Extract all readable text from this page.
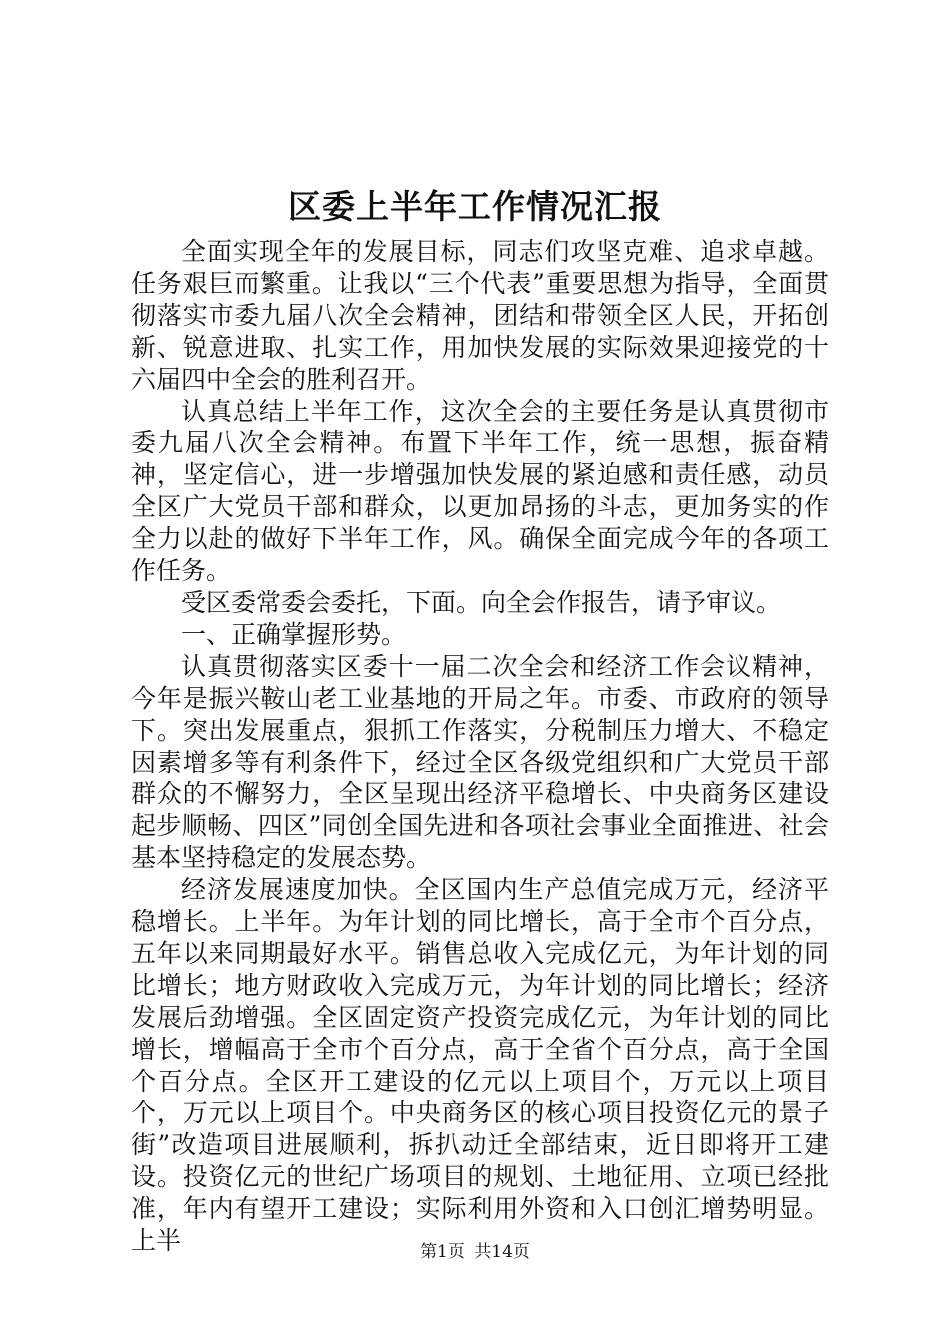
区委上半年工作情况汇报

全面实现全年的发展目标，同志们攻坚克难、追求卓越。任务艰巨而繁重。让我以“三个代表”重要思想为指导，全面贯彻落实市委九届八次全会精神，团结和带领全区人民，开拓创新、锐意进取、扎实工作，用加快发展的实际效果迎接党的十六届四中全会的胜利召开。

认真总结上半年工作，这次全会的主要任务是认真贯彻市委九届八次全会精神。布置下半年工作，统一思想，振奋精神，坚定信心，进一步增强加快发展的紧迫感和责任感，动员全区广大党员干部和群众，以更加昂扬的斗志，更加务实的作全力以赴的做好下半年工作，风。确保全面完成今年的各项工作任务。

受区委常委会委托，下面。向全会作报告，请予审议。

一、正确掌握形势。

认真贯彻落实区委十一届二次全会和经济工作会议精神，今年是振兴鞍山老工业基地的开局之年。市委、市政府的领导下。突出发展重点，狠抓工作落实，分税制压力增大、不稳定因素增多等有利条件下，经过全区各级党组织和广大党员干部群众的不懈努力，全区呈现出经济平稳增长、中央商务区建设起步顺畅、四区”同创全国先进和各项社会事业全面推进、社会基本坚持稳定的发展态势。

经济发展速度加快。全区国内生产总值完成万元，经济平稳增长。上半年。为年计划的同比增长，高于全市个百分点，五年以来同期最好水平。销售总收入完成亿元，为年计划的同比增长；地方财政收入完成万元，为年计划的同比增长；经济发展后劲增强。全区固定资产投资完成亿元，为年计划的同比增长，增幅高于全市个百分点，高于全省个百分点，高于全国个百分点。全区开工建设的亿元以上项目个，万元以上项目个，万元以上项目个。中央商务区的核心项目投资亿元的景子街”改造项目进展顺利，拆扒动迁全部结束，近日即将开工建设。投资亿元的世纪广场项目的规划、土地征用、立项已经批准，年内有望开工建设；实际利用外资和入口创汇增势明显。上半	第1页 共14页
